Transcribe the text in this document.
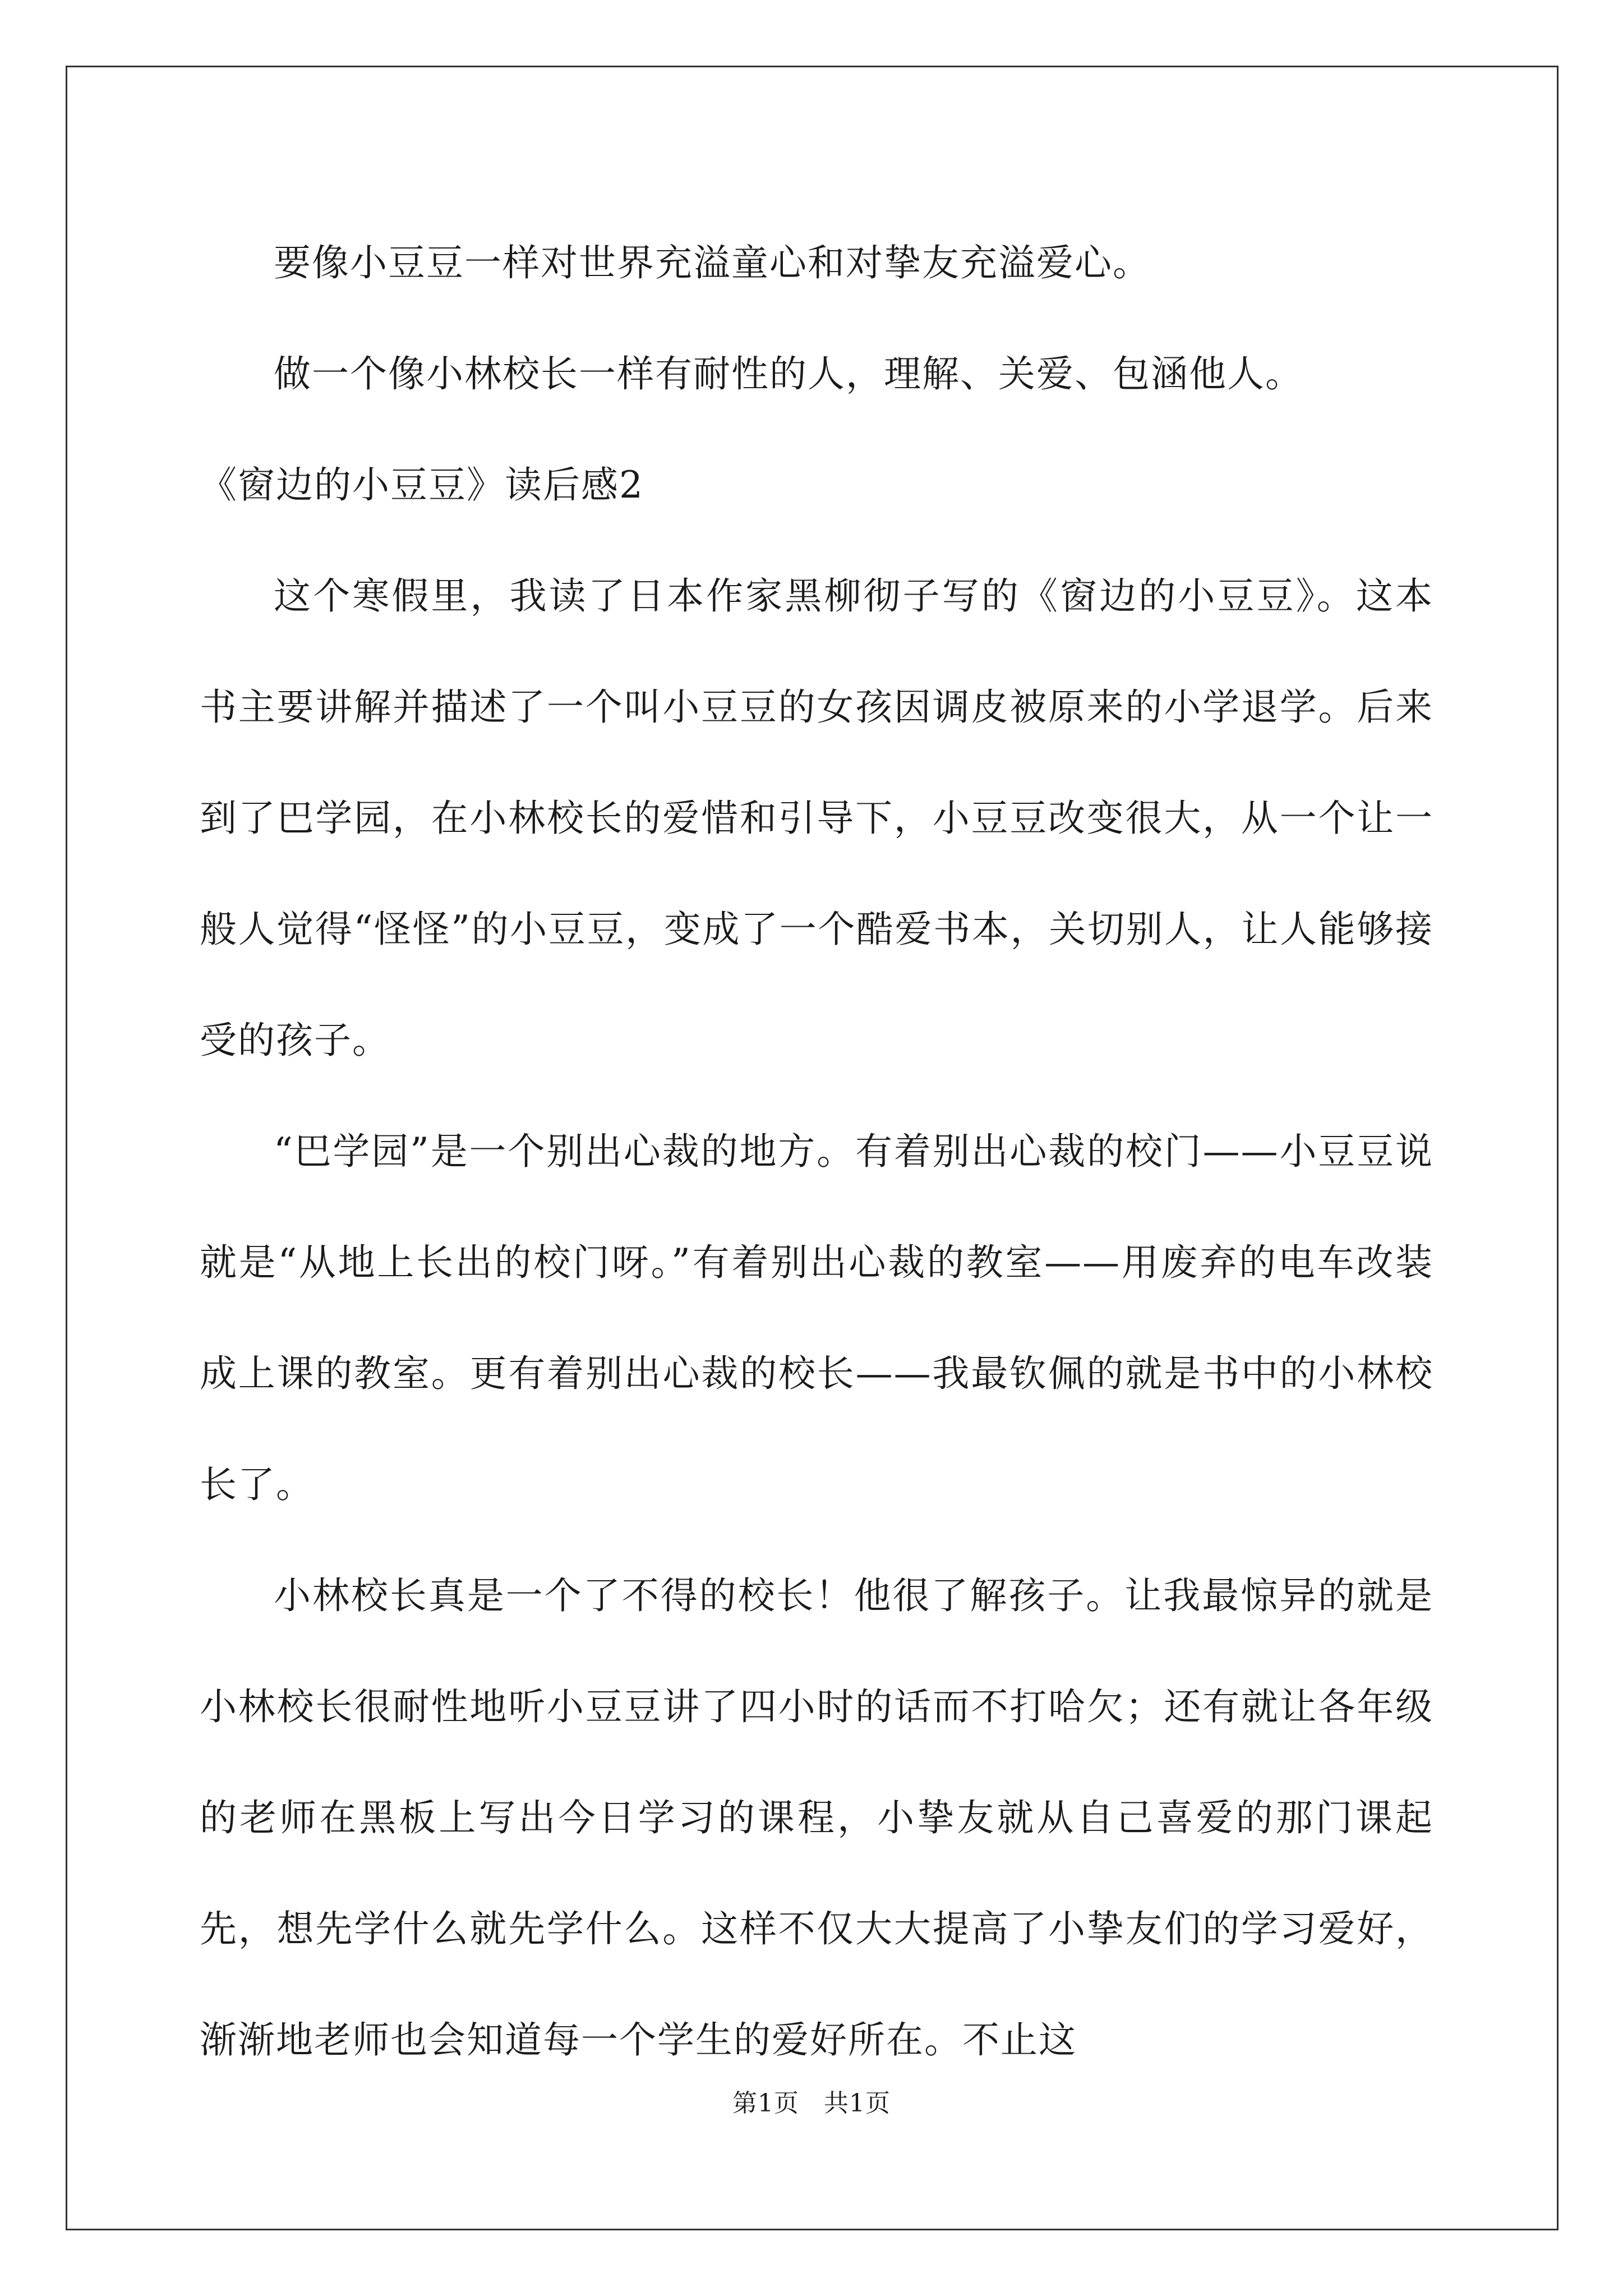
要像小豆豆一样对世界充溢童心和对挚友充溢爱心。

做一个像小林校长一样有耐性的人，理解、关爱、包涵他人。

《窗边的小豆豆》读后感2

这个寒假里，我读了日本作家黑柳彻子写的《窗边的小豆豆》。这本书主要讲解并描述了一个叫小豆豆的女孩因调皮被原来的小学退学。后来到了巴学园，在小林校长的爱惜和引导下，小豆豆改变很大，从一个让一般人觉得“怪怪”的小豆豆，变成了一个酷爱书本，关切别人，让人能够接受的孩子。

“巴学园”是一个别出心裁的地方。有着别出心裁的校门——小豆豆说就是“从地上长出的校门呀。”有着别出心裁的教室——用废弃的电车改装成上课的教室。更有着别出心裁的校长——我最钦佩的就是书中的小林校长了。

小林校长真是一个了不得的校长！他很了解孩子。让我最惊异的就是小林校长很耐性地听小豆豆讲了四小时的话而不打哈欠；还有就让各年级的老师在黑板上写出今日学习的课程，小挚友就从自己喜爱的那门课起先，想先学什么就先学什么。这样不仅大大提高了小挚友们的学习爱好，渐渐地老师也会知道每一个学生的爱好所在。不止这

第1页 共1页
